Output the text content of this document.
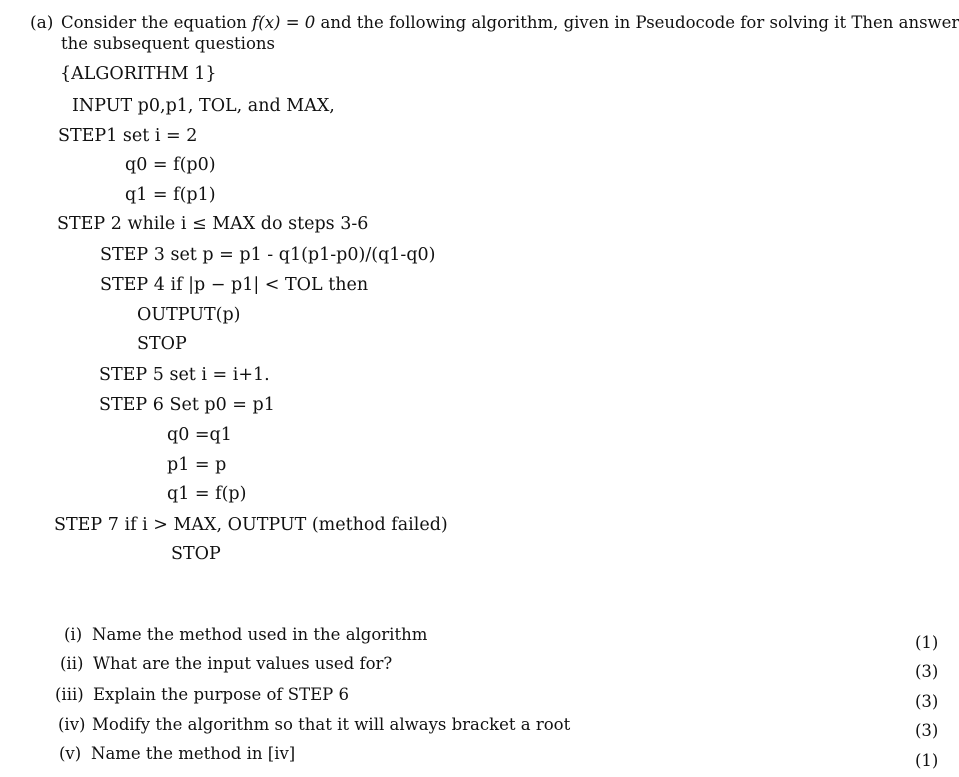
(a) Consider the equation f(x) = 0 and the following algorithm, given in Pseudocode for solving it Then answer
the subsequent questions
{ALGORITHM 1}
INPUT p0,p1, TOL, and MAX,
STEP1 set i = 2
q0 = f(p0)
q1 = f(p1)
STEP 2 while i ≤ MAX do steps 3-6
STEP 3 set p = p1 - q1(p1-p0)/(q1-q0)
STEP 4 if |p − p1| < TOL then
OUTPUT(p)
STOP
STEP 5 set i = i+1.
STEP 6 Set p0 = p1
q0 =q1
p1 = p
q1 = f(p)
STEP 7 if i > MAX, OUTPUT (method failed)
STOP
(i) Name the method used in the algorithm	(1)
(ii) What are the input values used for?	(3)
(iii) Explain the purpose of STEP 6	(3)
(iv) Modify the algorithm so that it will always bracket a root	(3)
(v) Name the method in [iv]	(1)
